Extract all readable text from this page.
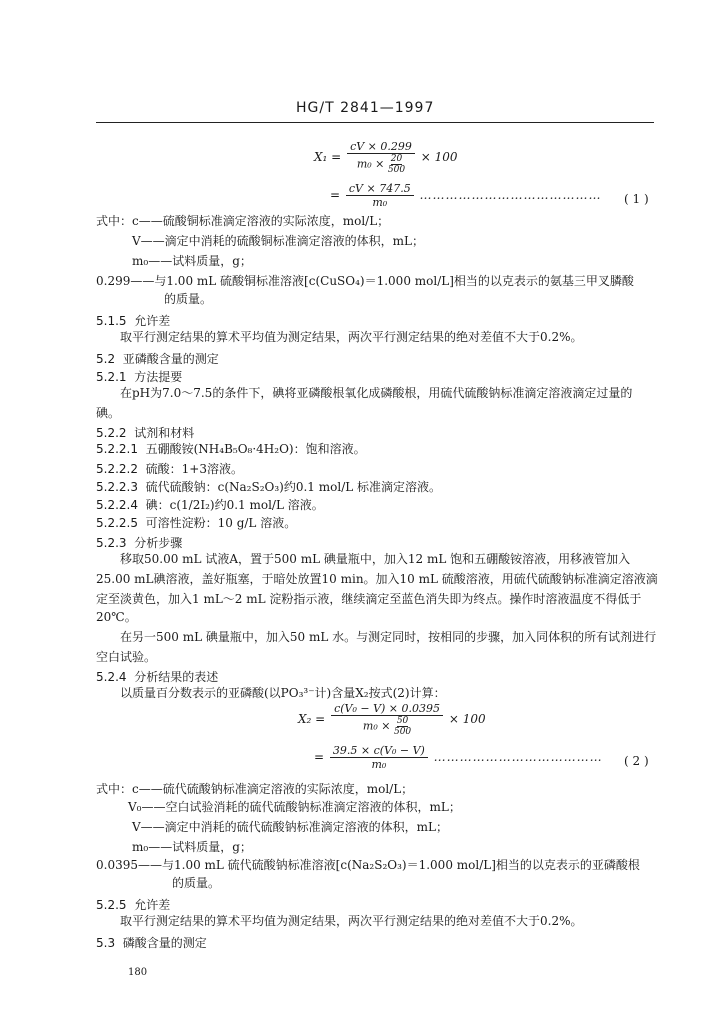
HG/T 2841—1997
$X_1 = \frac{cV \times 0.299}{m_0 \times \frac{20}{500}} \times 100$
= $\frac{cV \times 747.5}{\text{m₀}}$ …………………………………… ( 1 )
式中：c——硫酸铜标准滴定溶液的实际浓度，mol/L；
V——滴定中消耗的硫酸铜标准滴定溶液的体积，mL；
m₀——试料质量，g；
0.299——与1.00 mL 硫酸铜标准溶液[c(CuSO₄)＝1.000 mol/L]相当的以克表示的氨基三甲叉膦酸
的质量。
5.1.5 允许差
取平行测定结果的算术平均值为测定结果，两次平行测定结果的绝对差值不大于0.2%。
5.2 亚磷酸含量的测定
5.2.1 方法提要
在pH为7.0～7.5的条件下，碘将亚磷酸根氧化成磷酸根，用硫代硫酸钠标准滴定溶液滴定过量的
碘。
5.2.2 试剂和材料
5.2.2.1 五硼酸铵(NH₄B₅O₈·4H₂O)：饱和溶液。
5.2.2.2 硫酸：1+3溶液。
5.2.2.3 硫代硫酸钠：c(Na₂S₂O₃)约0.1 mol/L 标准滴定溶液。
5.2.2.4 碘：c(1/2I₂)约0.1 mol/L 溶液。
5.2.2.5 可溶性淀粉：10 g/L 溶液。
5.2.3 分析步骤
移取50.00 mL 试液A，置于500 mL 碘量瓶中，加入12 mL 饱和五硼酸铵溶液，用移液管加入
25.00 mL碘溶液，盖好瓶塞，于暗处放置10 min。加入10 mL 硫酸溶液，用硫代硫酸钠标准滴定溶液滴
定至淡黄色，加入1 mL～2 mL 淀粉指示液，继续滴定至蓝色消失即为终点。操作时溶液温度不得低于
20℃。
在另一500 mL 碘量瓶中，加入50 mL 水。与测定同时，按相同的步骤，加入同体积的所有试剂进行
空白试验。
5.2.4 分析结果的表述
以质量百分数表示的亚磷酸(以PO₃³⁻计)含量X₂按式(2)计算：
$X_2 = \frac{\text{c(V₀ − V) × 0.0395}}{m_0 \times \frac{50}{500}} \times 100$
= $\frac{\text{39.5 × c(V₀ − V)}}{\text{m₀}}$ ………………………………… ( 2 )
式中：c——硫代硫酸钠标准滴定溶液的实际浓度，mol/L；
V₀——空白试验消耗的硫代硫酸钠标准滴定溶液的体积，mL；
V——滴定中消耗的硫代硫酸钠标准滴定溶液的体积，mL；
m₀——试料质量，g；
0.0395——与1.00 mL 硫代硫酸钠标准溶液[c(Na₂S₂O₃)＝1.000 mol/L]相当的以克表示的亚磷酸根
的质量。
5.2.5 允许差
取平行测定结果的算术平均值为测定结果，两次平行测定结果的绝对差值不大于0.2%。
5.3 磷酸含量的测定
180
